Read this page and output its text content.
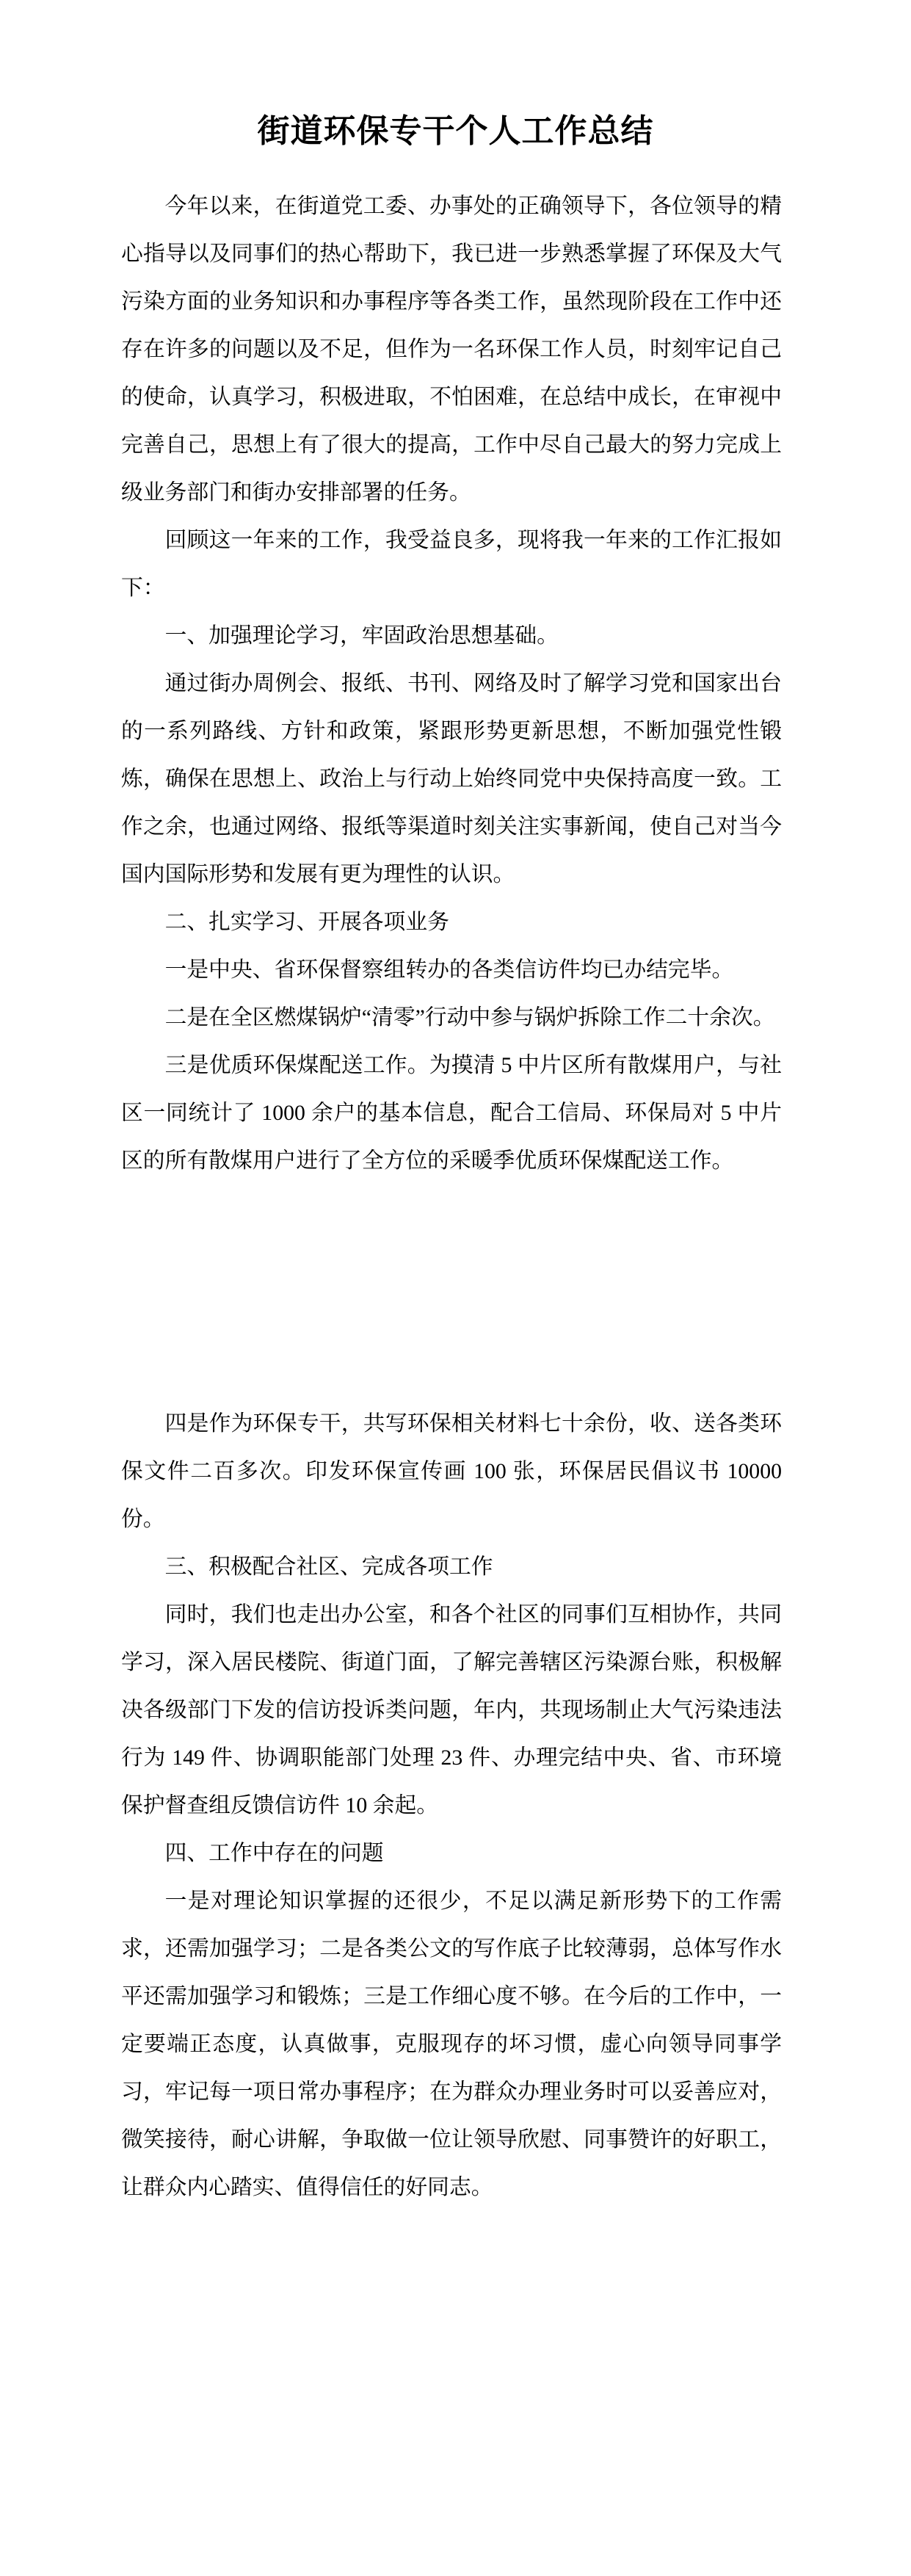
街道环保专干个人工作总结

今年以来，在街道党工委、办事处的正确领导下，各位领导的精心指导以及同事们的热心帮助下，我已进一步熟悉掌握了环保及大气污染方面的业务知识和办事程序等各类工作，虽然现阶段在工作中还存在许多的问题以及不足，但作为一名环保工作人员，时刻牢记自己的使命，认真学习，积极进取，不怕困难，在总结中成长，在审视中完善自己，思想上有了很大的提高，工作中尽自己最大的努力完成上级业务部门和街办安排部署的任务。

回顾这一年来的工作，我受益良多，现将我一年来的工作汇报如下：

一、加强理论学习，牢固政治思想基础。

通过街办周例会、报纸、书刊、网络及时了解学习党和国家出台的一系列路线、方针和政策，紧跟形势更新思想，不断加强党性锻炼，确保在思想上、政治上与行动上始终同党中央保持高度一致。工作之余，也通过网络、报纸等渠道时刻关注实事新闻，使自己对当今国内国际形势和发展有更为理性的认识。

二、扎实学习、开展各项业务

一是中央、省环保督察组转办的各类信访件均已办结完毕。

二是在全区燃煤锅炉“清零”行动中参与锅炉拆除工作二十余次。

三是优质环保煤配送工作。为摸清 5 中片区所有散煤用户，与社区一同统计了 1000 余户的基本信息，配合工信局、环保局对 5 中片区的所有散煤用户进行了全方位的采暖季优质环保煤配送工作。

四是作为环保专干，共写环保相关材料七十余份，收、送各类环保文件二百多次。印发环保宣传画 100 张，环保居民倡议书 10000 份。

三、积极配合社区、完成各项工作

同时，我们也走出办公室，和各个社区的同事们互相协作，共同学习，深入居民楼院、街道门面，了解完善辖区污染源台账，积极解决各级部门下发的信访投诉类问题，年内，共现场制止大气污染违法行为 149 件、协调职能部门处理 23 件、办理完结中央、省、市环境保护督查组反馈信访件 10 余起。

四、工作中存在的问题

一是对理论知识掌握的还很少，不足以满足新形势下的工作需求，还需加强学习；二是各类公文的写作底子比较薄弱，总体写作水平还需加强学习和锻炼；三是工作细心度不够。在今后的工作中，一定要端正态度，认真做事，克服现存的坏习惯，虚心向领导同事学习，牢记每一项日常办事程序；在为群众办理业务时可以妥善应对，微笑接待，耐心讲解，争取做一位让领导欣慰、同事赞许的好职工，让群众内心踏实、值得信任的好同志。
